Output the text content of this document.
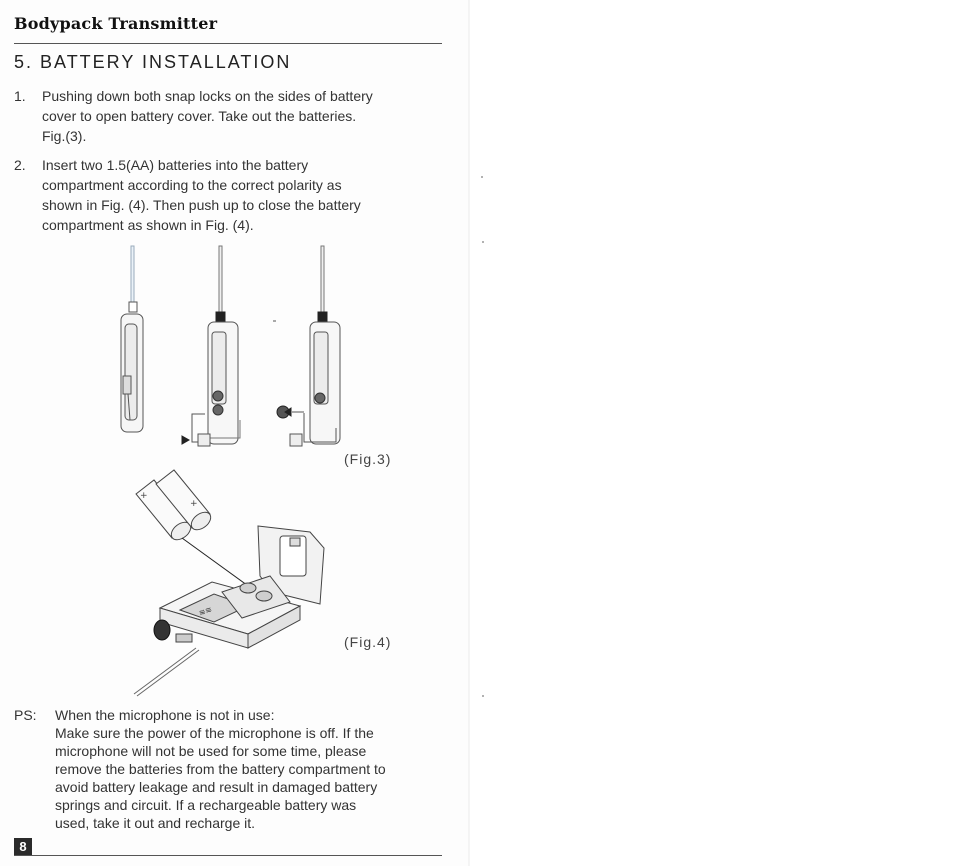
Bodypack Transmitter
5. BATTERY INSTALLATION
1. Pushing down both snap locks on the sides of battery
cover to open battery cover. Take out the batteries.
Fig.(3).
2. Insert two 1.5(AA) batteries into the battery
compartment according to the correct polarity as
shown in Fig. (4). Then push up to close the battery
compartment as shown in Fig. (4).
(Fig.3)
+
+
≋≋
(Fig.4)
PS: When the microphone is not in use:
Make sure the power of the microphone is off. If the
microphone will not be used for some time, please
remove the batteries from the battery compartment to
avoid battery leakage and result in damaged battery
springs and circuit. If a rechargeable battery was
used, take it out and recharge it.
8
